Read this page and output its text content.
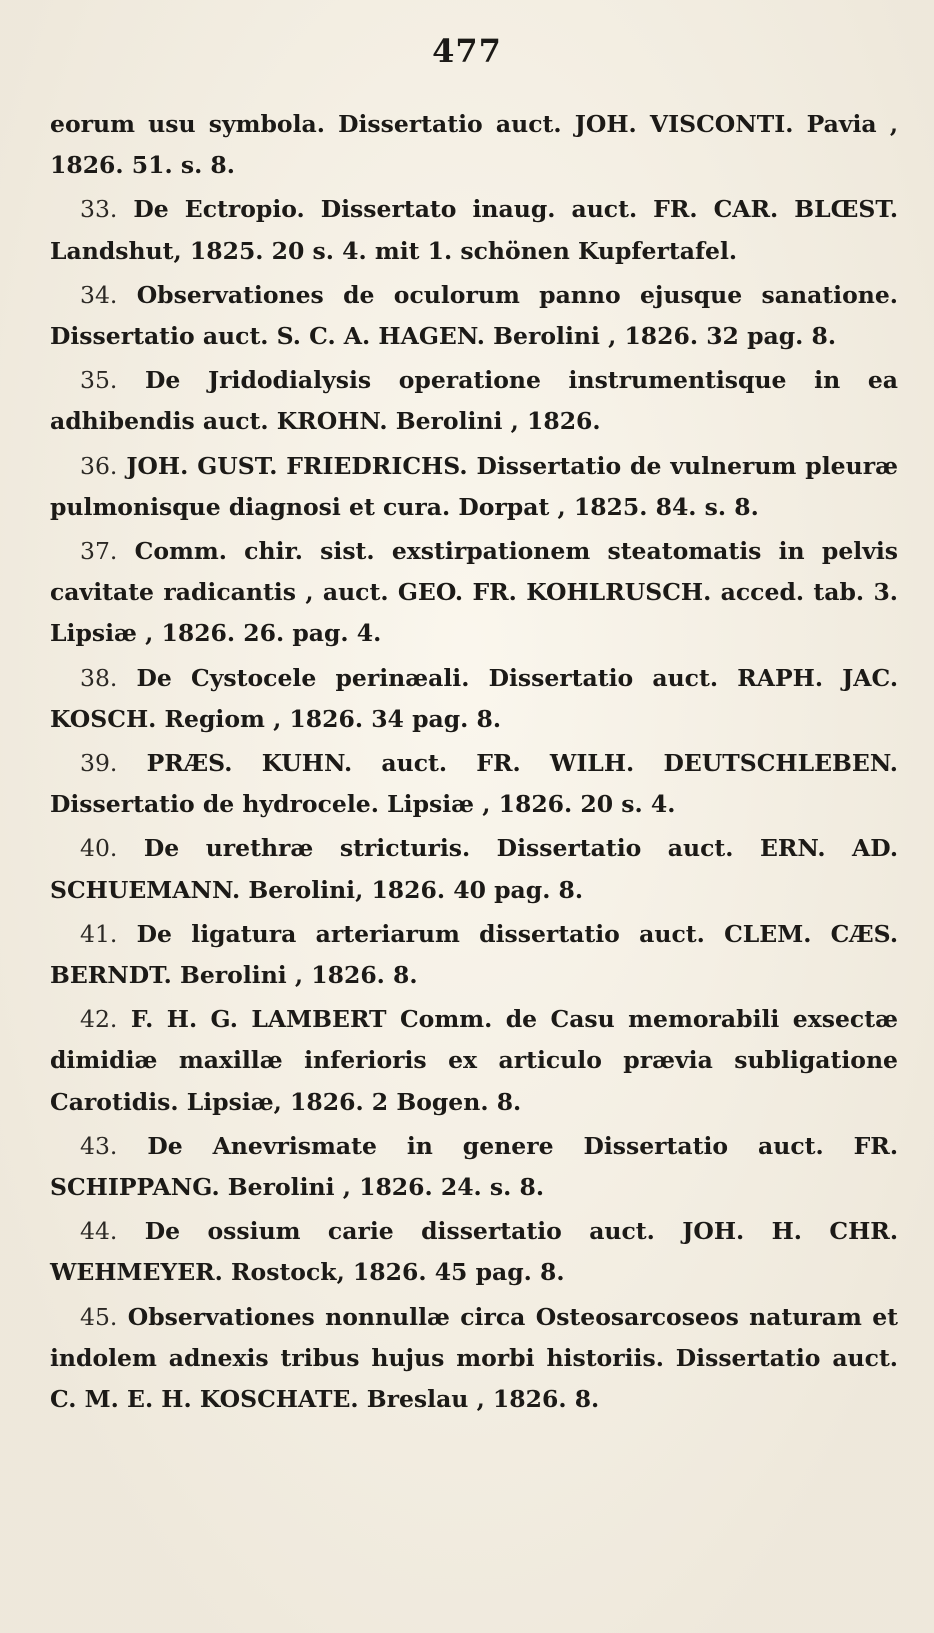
477

eorum usu symbola. Dissertatio auct. JOH. VISCONTI. Pavia , 1826. 51. s. 8.

33. De Ectropio. Dissertato inaug. auct. FR. CAR. BLŒST. Landshut, 1825. 20 s. 4. mit 1. schönen Kupfertafel.

34. Observationes de oculorum panno ejusque sanatione. Dissertatio auct. S. C. A. HAGEN. Berolini , 1826. 32 pag. 8.

35. De Jridodialysis operatione instrumentisque in ea adhibendis auct. KROHN. Berolini , 1826.

36. JOH. GUST. FRIEDRICHS. Dissertatio de vulnerum pleuræ pulmonisque diagnosi et cura. Dorpat , 1825. 84. s. 8.

37. Comm. chir. sist. exstirpationem steatomatis in pelvis cavitate radicantis , auct. GEO. FR. KOHLRUSCH. acced. tab. 3. Lipsiæ , 1826. 26. pag. 4.

38. De Cystocele perinæali. Dissertatio auct. RAPH. JAC. KOSCH. Regiom , 1826. 34 pag. 8.

39. PRÆS. KUHN. auct. FR. WILH. DEUTSCHLEBEN. Dissertatio de hydrocele. Lipsiæ , 1826. 20 s. 4.

40. De urethræ stricturis. Dissertatio auct. ERN. AD. SCHUEMANN. Berolini, 1826. 40 pag. 8.

41. De ligatura arteriarum dissertatio auct. CLEM. CÆS. BERNDT. Berolini , 1826. 8.

42. F. H. G. LAMBERT Comm. de Casu memorabili exsectæ dimidiæ maxillæ inferioris ex articulo prævia subligatione Carotidis. Lipsiæ, 1826. 2 Bogen. 8.

43. De Anevrismate in genere Dissertatio auct. FR. SCHIPPANG. Berolini , 1826. 24. s. 8.

44. De ossium carie dissertatio auct. JOH. H. CHR. WEHMEYER. Rostock, 1826. 45 pag. 8.

45. Observationes nonnullæ circa Osteosarcoseos naturam et indolem adnexis tribus hujus morbi historiis. Dissertatio auct. C. M. E. H. KOSCHATE. Breslau , 1826. 8.
